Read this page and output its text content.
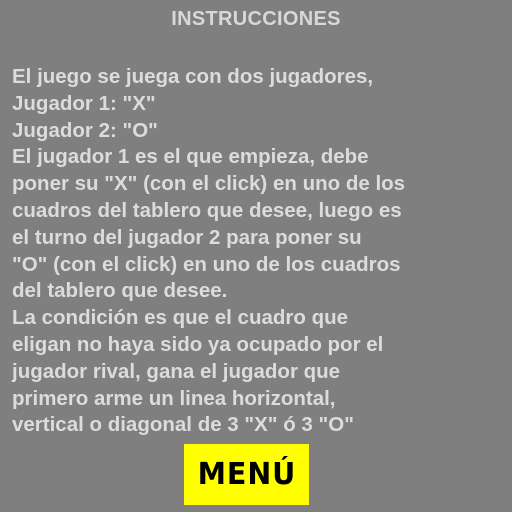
INSTRUCCIONES
El juego se juega con dos jugadores,
Jugador 1: "X"
Jugador 2: "O"
El jugador 1 es el que empieza, debe
poner su "X" (con el click) en uno de los
cuadros del tablero que desee, luego es
el turno del jugador 2 para poner su
"O" (con el click) en uno de los cuadros
del tablero que desee.
La condición es que el cuadro que
eligan no haya sido ya ocupado por el
jugador rival, gana el jugador que
primero arme un linea horizontal,
vertical o diagonal de 3 "X" ó 3 "O"
MENÚ
